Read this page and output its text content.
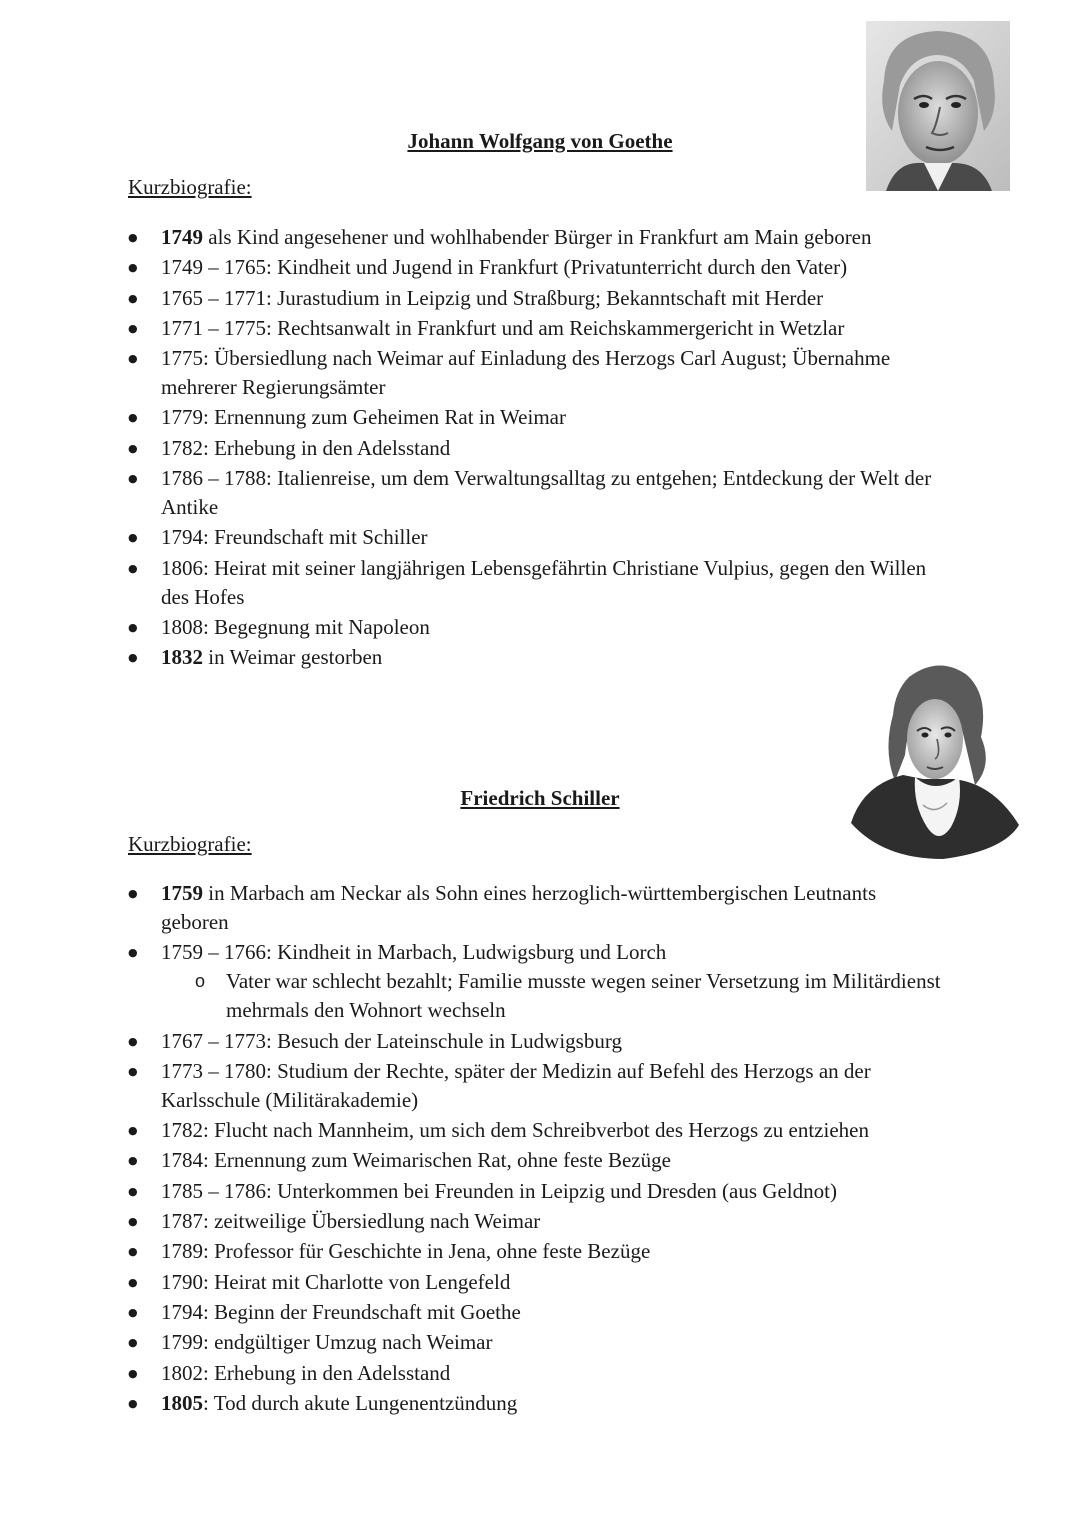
Johann Wolfgang von Goethe
Kurzbiografie:
● 1749 als Kind angesehener und wohlhabender Bürger in Frankfurt am Main geboren
● 1749 – 1765: Kindheit und Jugend in Frankfurt (Privatunterricht durch den Vater)
● 1765 – 1771: Jurastudium in Leipzig und Straßburg; Bekanntschaft mit Herder
● 1771 – 1775: Rechtsanwalt in Frankfurt und am Reichskammergericht in Wetzlar
● 1775: Übersiedlung nach Weimar auf Einladung des Herzogs Carl August; Übernahme mehrerer Regierungsämter
● 1779: Ernennung zum Geheimen Rat in Weimar
● 1782: Erhebung in den Adelsstand
● 1786 – 1788: Italienreise, um dem Verwaltungsalltag zu entgehen; Entdeckung der Welt der Antike
● 1794: Freundschaft mit Schiller
● 1806: Heirat mit seiner langjährigen Lebensgefährtin Christiane Vulpius, gegen den Willen des Hofes
● 1808: Begegnung mit Napoleon
● 1832 in Weimar gestorben
Friedrich Schiller
Kurzbiografie:
● 1759 in Marbach am Neckar als Sohn eines herzoglich-württembergischen Leutnants geboren
● 1759 – 1766: Kindheit in Marbach, Ludwigsburg und Lorch
o Vater war schlecht bezahlt; Familie musste wegen seiner Versetzung im Militärdienst mehrmals den Wohnort wechseln
● 1767 – 1773: Besuch der Lateinschule in Ludwigsburg
● 1773 – 1780: Studium der Rechte, später der Medizin auf Befehl des Herzogs an der Karlsschule (Militärakademie)
● 1782: Flucht nach Mannheim, um sich dem Schreibverbot des Herzogs zu entziehen
● 1784: Ernennung zum Weimarischen Rat, ohne feste Bezüge
● 1785 – 1786: Unterkommen bei Freunden in Leipzig und Dresden (aus Geldnot)
● 1787: zeitweilige Übersiedlung nach Weimar
● 1789: Professor für Geschichte in Jena, ohne feste Bezüge
● 1790: Heirat mit Charlotte von Lengefeld
● 1794: Beginn der Freundschaft mit Goethe
● 1799: endgültiger Umzug nach Weimar
● 1802: Erhebung in den Adelsstand
● 1805: Tod durch akute Lungenentzündung
